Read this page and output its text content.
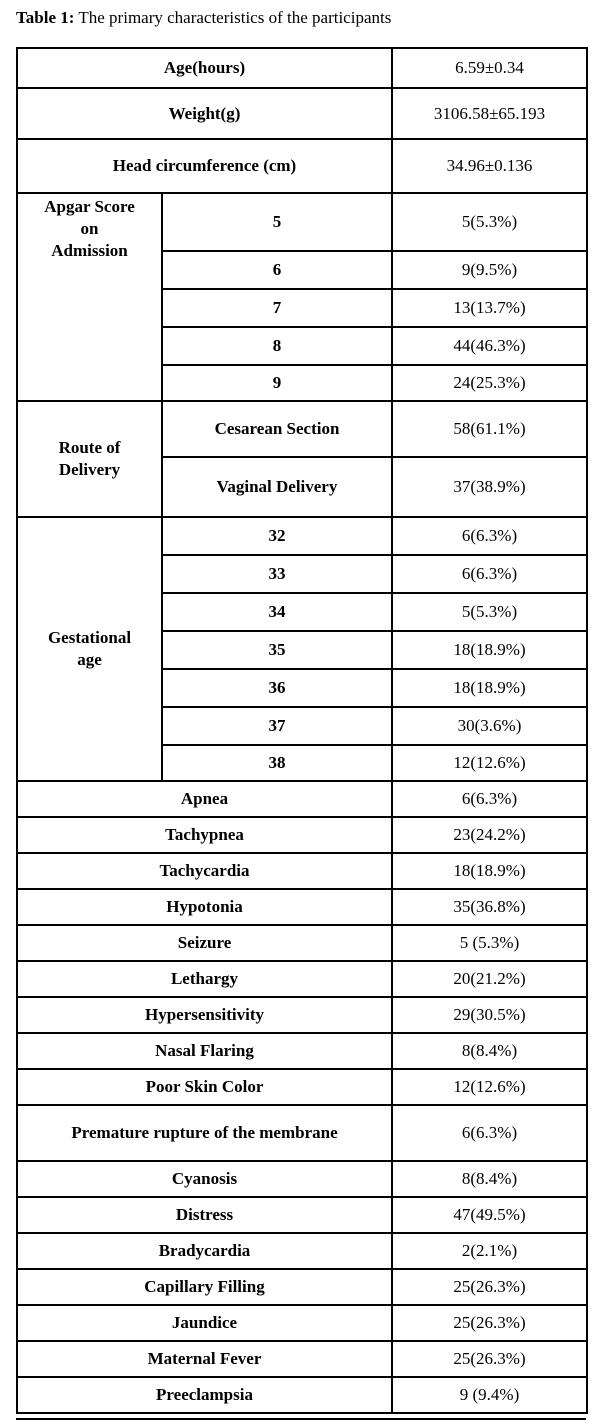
Table 1: The primary characteristics of the participants
Age(hours)		6.59±0.34
Weight(g)		3106.58±65.193
Head circumference (cm)		34.96±0.136
Apgar Score
on
Admission	5	5(5.3%)
	6	9(9.5%)
	7	13(13.7%)
	8	44(46.3%)
	9	24(25.3%)
Route of
Delivery	Cesarean Section	58(61.1%)
	Vaginal Delivery	37(38.9%)
Gestational
age	32	6(6.3%)
	33	6(6.3%)
	34	5(5.3%)
	35	18(18.9%)
	36	18(18.9%)
	37	30(3.6%)
	38	12(12.6%)
Apnea		6(6.3%)
Tachypnea		23(24.2%)
Tachycardia		18(18.9%)
Hypotonia		35(36.8%)
Seizure		5 (5.3%)
Lethargy		20(21.2%)
Hypersensitivity		29(30.5%)
Nasal Flaring		8(8.4%)
Poor Skin Color		12(12.6%)
Premature rupture of the membrane		6(6.3%)
Cyanosis		8(8.4%)
Distress		47(49.5%)
Bradycardia		2(2.1%)
Capillary Filling		25(26.3%)
Jaundice		25(26.3%)
Maternal Fever		25(26.3%)
Preeclampsia		9 (9.4%)
